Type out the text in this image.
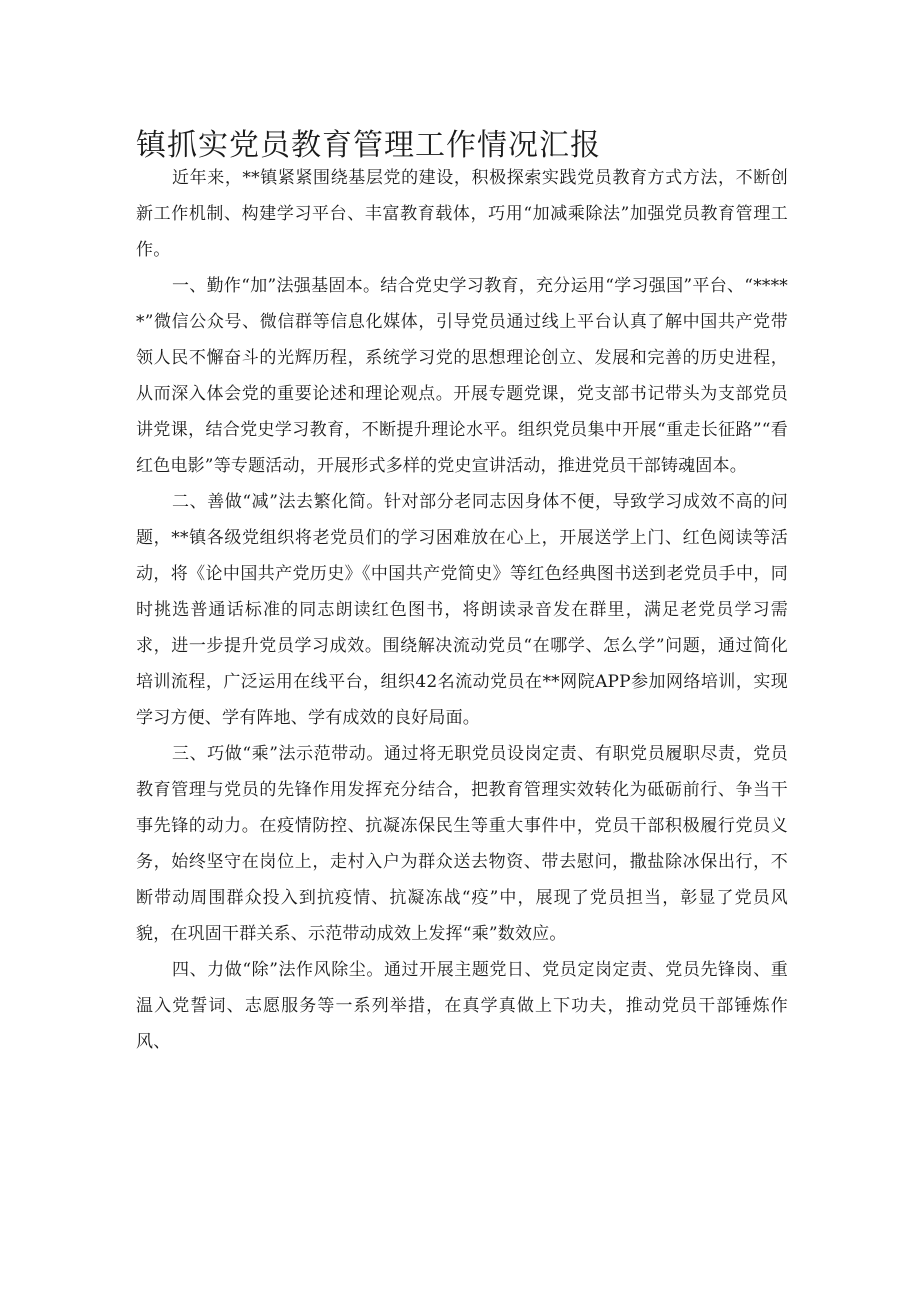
镇抓实党员教育管理工作情况汇报

近年来，**镇紧紧围绕基层党的建设，积极探索实践党员教育方式方法，不断创新工作机制、构建学习平台、丰富教育载体，巧用“加减乘除法”加强党员教育管理工作。

一、勤作“加”法强基固本。结合党史学习教育，充分运用“学习强国”平台、“*****”微信公众号、微信群等信息化媒体，引导党员通过线上平台认真了解中国共产党带领人民不懈奋斗的光辉历程，系统学习党的思想理论创立、发展和完善的历史进程，从而深入体会党的重要论述和理论观点。开展专题党课，党支部书记带头为支部党员讲党课，结合党史学习教育，不断提升理论水平。组织党员集中开展“重走长征路”“看红色电影”等专题活动，开展形式多样的党史宣讲活动，推进党员干部铸魂固本。

二、善做“减”法去繁化简。针对部分老同志因身体不便，导致学习成效不高的问题，**镇各级党组织将老党员们的学习困难放在心上，开展送学上门、红色阅读等活动，将《论中国共产党历史》《中国共产党简史》等红色经典图书送到老党员手中，同时挑选普通话标准的同志朗读红色图书，将朗读录音发在群里，满足老党员学习需求，进一步提升党员学习成效。围绕解决流动党员“在哪学、怎么学”问题，通过简化培训流程，广泛运用在线平台，组织42名流动党员在**网院APP参加网络培训，实现学习方便、学有阵地、学有成效的良好局面。

三、巧做“乘”法示范带动。通过将无职党员设岗定责、有职党员履职尽责，党员教育管理与党员的先锋作用发挥充分结合，把教育管理实效转化为砥砺前行、争当干事先锋的动力。在疫情防控、抗凝冻保民生等重大事件中，党员干部积极履行党员义务，始终坚守在岗位上，走村入户为群众送去物资、带去慰问，撒盐除冰保出行，不断带动周围群众投入到抗疫情、抗凝冻战“疫”中，展现了党员担当，彰显了党员风貌，在巩固干群关系、示范带动成效上发挥“乘”数效应。

四、力做“除”法作风除尘。通过开展主题党日、党员定岗定责、党员先锋岗、重温入党誓词、志愿服务等一系列举措，在真学真做上下功夫，推动党员干部锤炼作风、
